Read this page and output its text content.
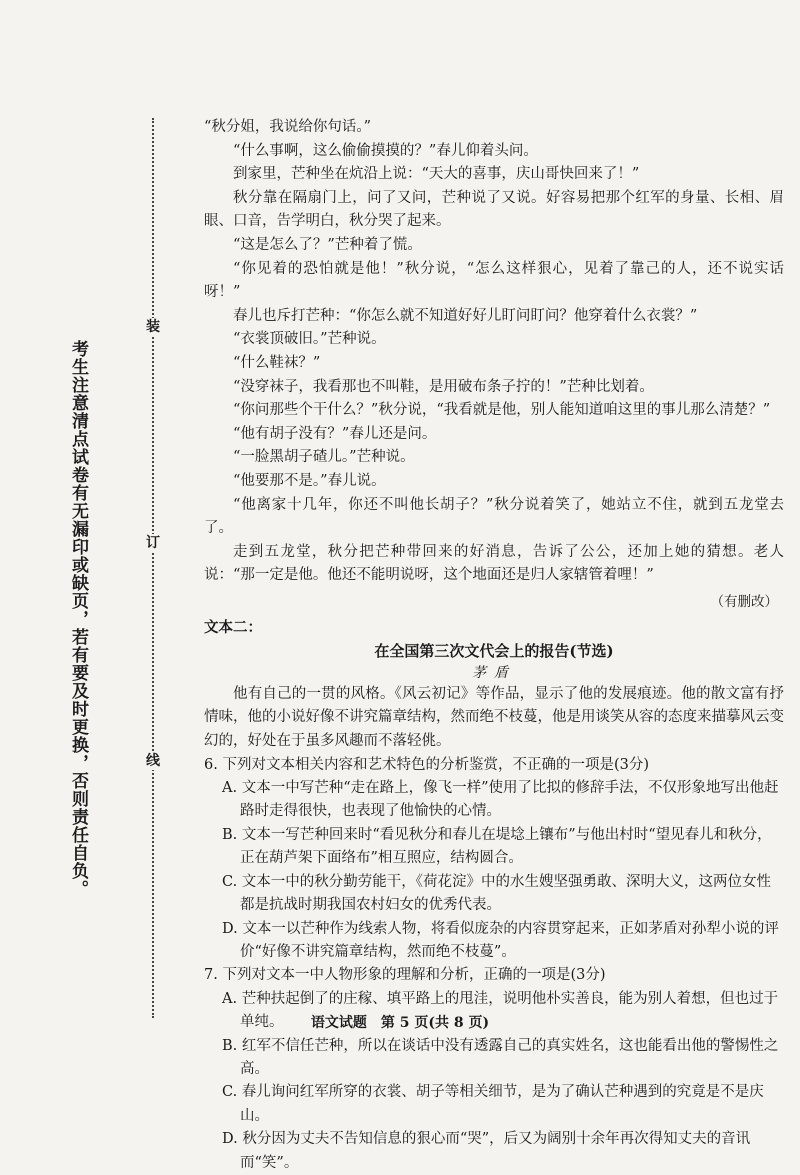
装
订
线
考生注意清点试卷有无漏印或缺页，若有要及时更换，否则责任自负。

“秋分姐，我说给你句话。”

“什么事啊，这么偷偷摸摸的？”春儿仰着头问。

到家里，芒种坐在炕沿上说：“天大的喜事，庆山哥快回来了！”

秋分靠在隔扇门上，问了又问，芒种说了又说。好容易把那个红军的身量、长相、眉眼、口音，告学明白，秋分哭了起来。

“这是怎么了？”芒种着了慌。

“你见着的恐怕就是他！”秋分说，“怎么这样狠心，见着了靠己的人，还不说实话呀！”

春儿也斥打芒种：“你怎么就不知道好好儿盯问盯问？他穿着什么衣裳？”

“衣裳顶破旧。”芒种说。

“什么鞋袜？”

“没穿袜子，我看那也不叫鞋，是用破布条子拧的！”芒种比划着。

“你问那些个干什么？”秋分说，“我看就是他，别人能知道咱这里的事儿那么清楚？”

“他有胡子没有？”春儿还是问。

“一脸黑胡子碴儿。”芒种说。

“他要那不是。”春儿说。

“他离家十几年，你还不叫他长胡子？”秋分说着笑了，她站立不住，就到五龙堂去了。

走到五龙堂，秋分把芒种带回来的好消息，告诉了公公，还加上她的猜想。老人说：“那一定是他。他还不能明说呀，这个地面还是归人家辖管着哩！”

（有删改）
文本二：
在全国第三次文代会上的报告(节选)
茅盾

他有自己的一贯的风格。《风云初记》等作品，显示了他的发展痕迹。他的散文富有抒情味，他的小说好像不讲究篇章结构，然而绝不枝蔓，他是用谈笑从容的态度来描摹风云变幻的，好处在于虽多风趣而不落轻佻。

6. 下列对文本相关内容和艺术特色的分析鉴赏，不正确的一项是(3分)
A. 文本一中写芒种“走在路上，像飞一样”使用了比拟的修辞手法，不仅形象地写出他赶路时走得很快，也表现了他愉快的心情。
B. 文本一写芒种回来时“看见秋分和春儿在堤埝上镶布”与他出村时“望见春儿和秋分，正在葫芦架下面络布”相互照应，结构圆合。
C. 文本一中的秋分勤劳能干，《荷花淀》中的水生嫂坚强勇敢、深明大义，这两位女性都是抗战时期我国农村妇女的优秀代表。
D. 文本一以芒种作为线索人物，将看似庞杂的内容贯穿起来，正如茅盾对孙犁小说的评价“好像不讲究篇章结构，然而绝不枝蔓”。
7. 下列对文本一中人物形象的理解和分析，正确的一项是(3分)
A. 芒种扶起倒了的庄稼、填平路上的甩洼，说明他朴实善良，能为别人着想，但也过于单纯。
B. 红军不信任芒种，所以在谈话中没有透露自己的真实姓名，这也能看出他的警惕性之高。
C. 春儿询问红军所穿的衣裳、胡子等相关细节，是为了确认芒种遇到的究竟是不是庆山。
D. 秋分因为丈夫不告知信息的狠心而“哭”，后又为阔别十余年再次得知丈夫的音讯而“笑”。
语文试题　第 5 页(共 8 页)
